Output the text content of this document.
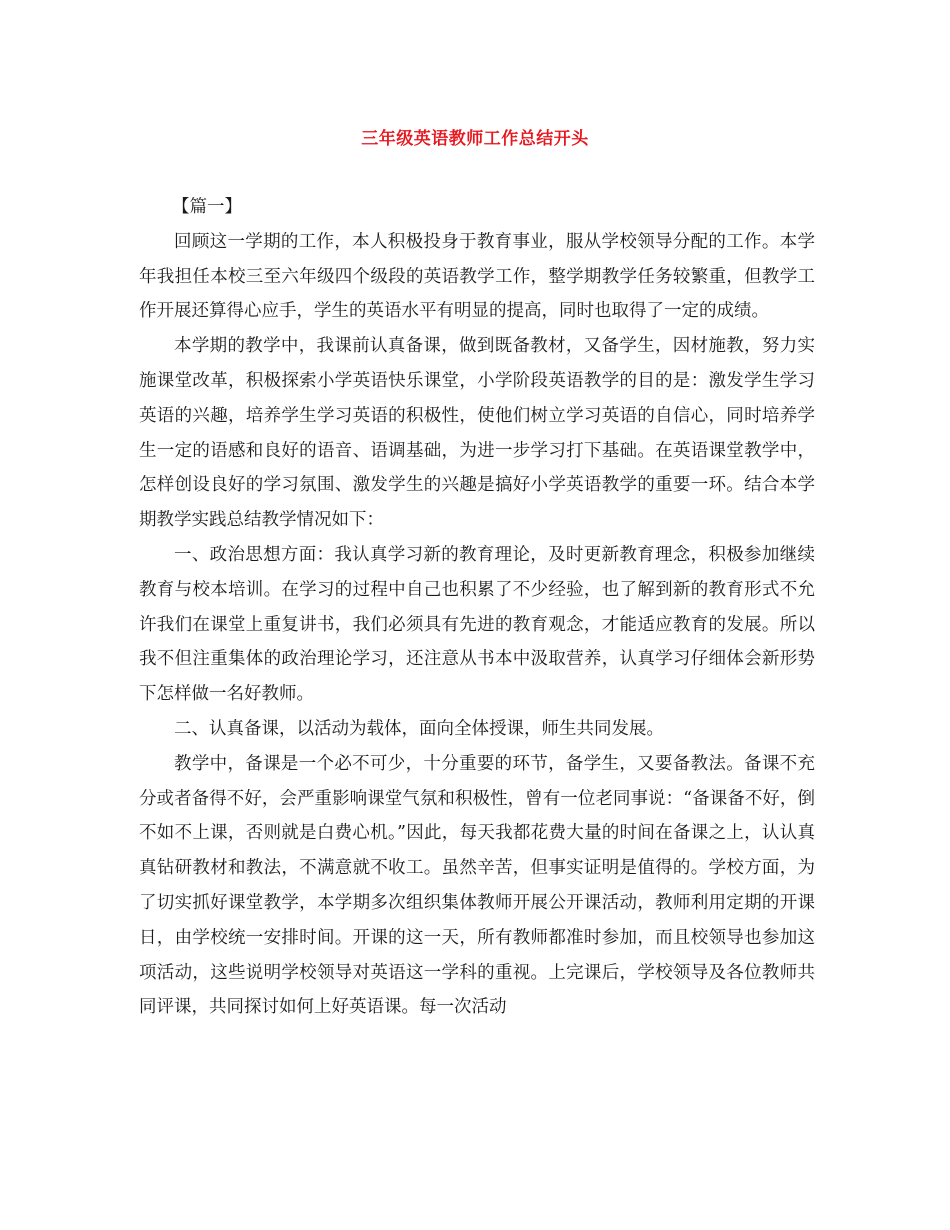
三年级英语教师工作总结开头

【篇一】

回顾这一学期的工作，本人积极投身于教育事业，服从学校领导分配的工作。本学年我担任本校三至六年级四个级段的英语教学工作，整学期教学任务较繁重，但教学工作开展还算得心应手，学生的英语水平有明显的提高，同时也取得了一定的成绩。

本学期的教学中，我课前认真备课，做到既备教材，又备学生，因材施教，努力实施课堂改革，积极探索小学英语快乐课堂，小学阶段英语教学的目的是：激发学生学习英语的兴趣，培养学生学习英语的积极性，使他们树立学习英语的自信心，同时培养学生一定的语感和良好的语音、语调基础，为进一步学习打下基础。在英语课堂教学中，怎样创设良好的学习氛围、激发学生的兴趣是搞好小学英语教学的重要一环。结合本学期教学实践总结教学情况如下：

一、政治思想方面：我认真学习新的教育理论，及时更新教育理念，积极参加继续教育与校本培训。在学习的过程中自己也积累了不少经验，也了解到新的教育形式不允许我们在课堂上重复讲书，我们必须具有先进的教育观念，才能适应教育的发展。所以我不但注重集体的政治理论学习，还注意从书本中汲取营养，认真学习仔细体会新形势下怎样做一名好教师。

二、认真备课，以活动为载体，面向全体授课，师生共同发展。

教学中，备课是一个必不可少，十分重要的环节，备学生，又要备教法。备课不充分或者备得不好，会严重影响课堂气氛和积极性，曾有一位老同事说：“备课备不好，倒不如不上课，否则就是白费心机。”因此，每天我都花费大量的时间在备课之上，认认真真钻研教材和教法，不满意就不收工。虽然辛苦，但事实证明是值得的。学校方面，为了切实抓好课堂教学，本学期多次组织集体教师开展公开课活动，教师利用定期的开课日，由学校统一安排时间。开课的这一天，所有教师都准时参加，而且校领导也参加这项活动，这些说明学校领导对英语这一学科的重视。上完课后，学校领导及各位教师共同评课，共同探讨如何上好英语课。每一次活动
